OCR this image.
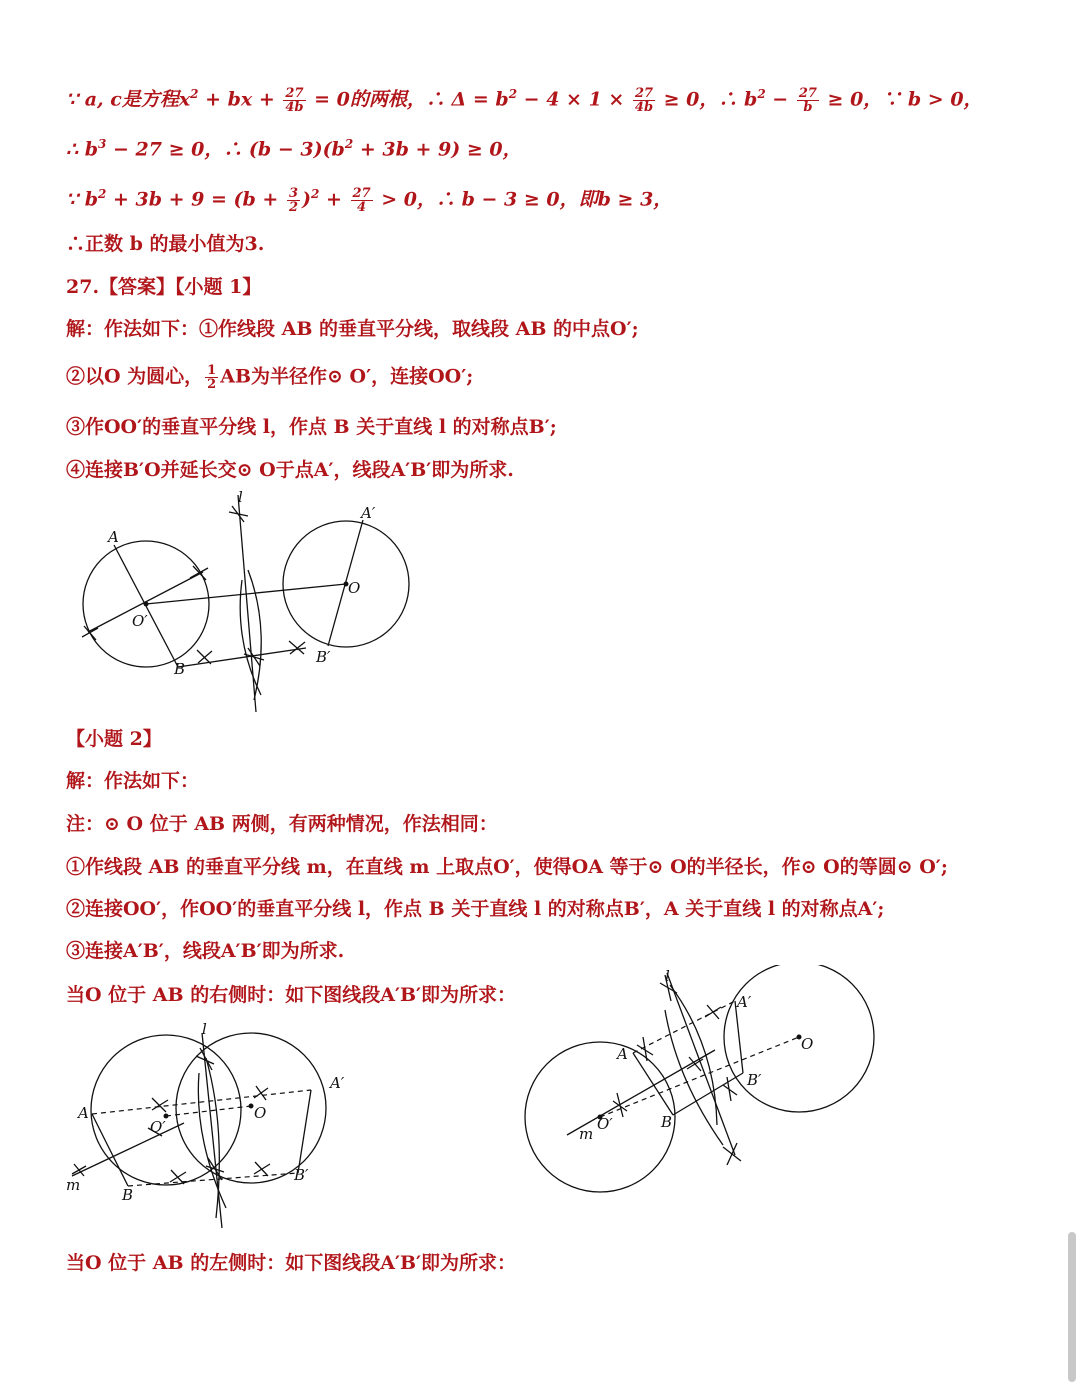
∵ a, c是方程$x^2$ + bx + $\frac{27}{4b} = 0$的两根，∴ $\Delta = b^2 - 4 \times 1 \times \frac{27}{4b} \ge 0$，∴ $b^2 - \frac{27}{b} \ge 0$，∵ b > 0，
∴ $b^3 - 27 \ge 0$，∴ $(b - 3)(b^2 + 3b + 9) \ge 0$，
∵ $b^2 + 3b + 9 = (b + \frac{3}{2} )^2 + \frac{27}{4} > 0$，∴ b − 3 ≥ 0，即b ≥ 3，
∴正数 b 的最小值为3.
27.【答案】【小题 1】
解：作法如下：①作线段 AB 的垂直平分线，取线段 AB 的中点O′;
②以O 为圆心， $\frac{1}{2}$ AB为半径作⊙ O′，连接OO′;
③作OO′的垂直平分线 l，作点 B 关于直线 l 的对称点B′;
④连接B′O并延长交⊙ O于点A′，线段A′B′即为所求.
A
A′
B
B′
O
O′
l
【小题 2】
解：作法如下：
注：⊙ O 位于 AB 两侧，有两种情况，作法相同：
①作线段 AB 的垂直平分线 m，在直线 m 上取点O′，使得OA 等于⊙ O的半径长，作⊙ O的等圆⊙ O′;
②连接OO′，作OO′的垂直平分线 l，作点 B 关于直线 l 的对称点B′，A 关于直线 l 的对称点A′;
③连接A′B′，线段A′B′即为所求.
当O 位于 AB 的右侧时：如下图线段A′B′即为所求：
A
A′
B
B′
O
O′
l
m
A
A′
B
B′
O
O′
l
m
当O 位于 AB 的左侧时：如下图线段A′B′即为所求：
